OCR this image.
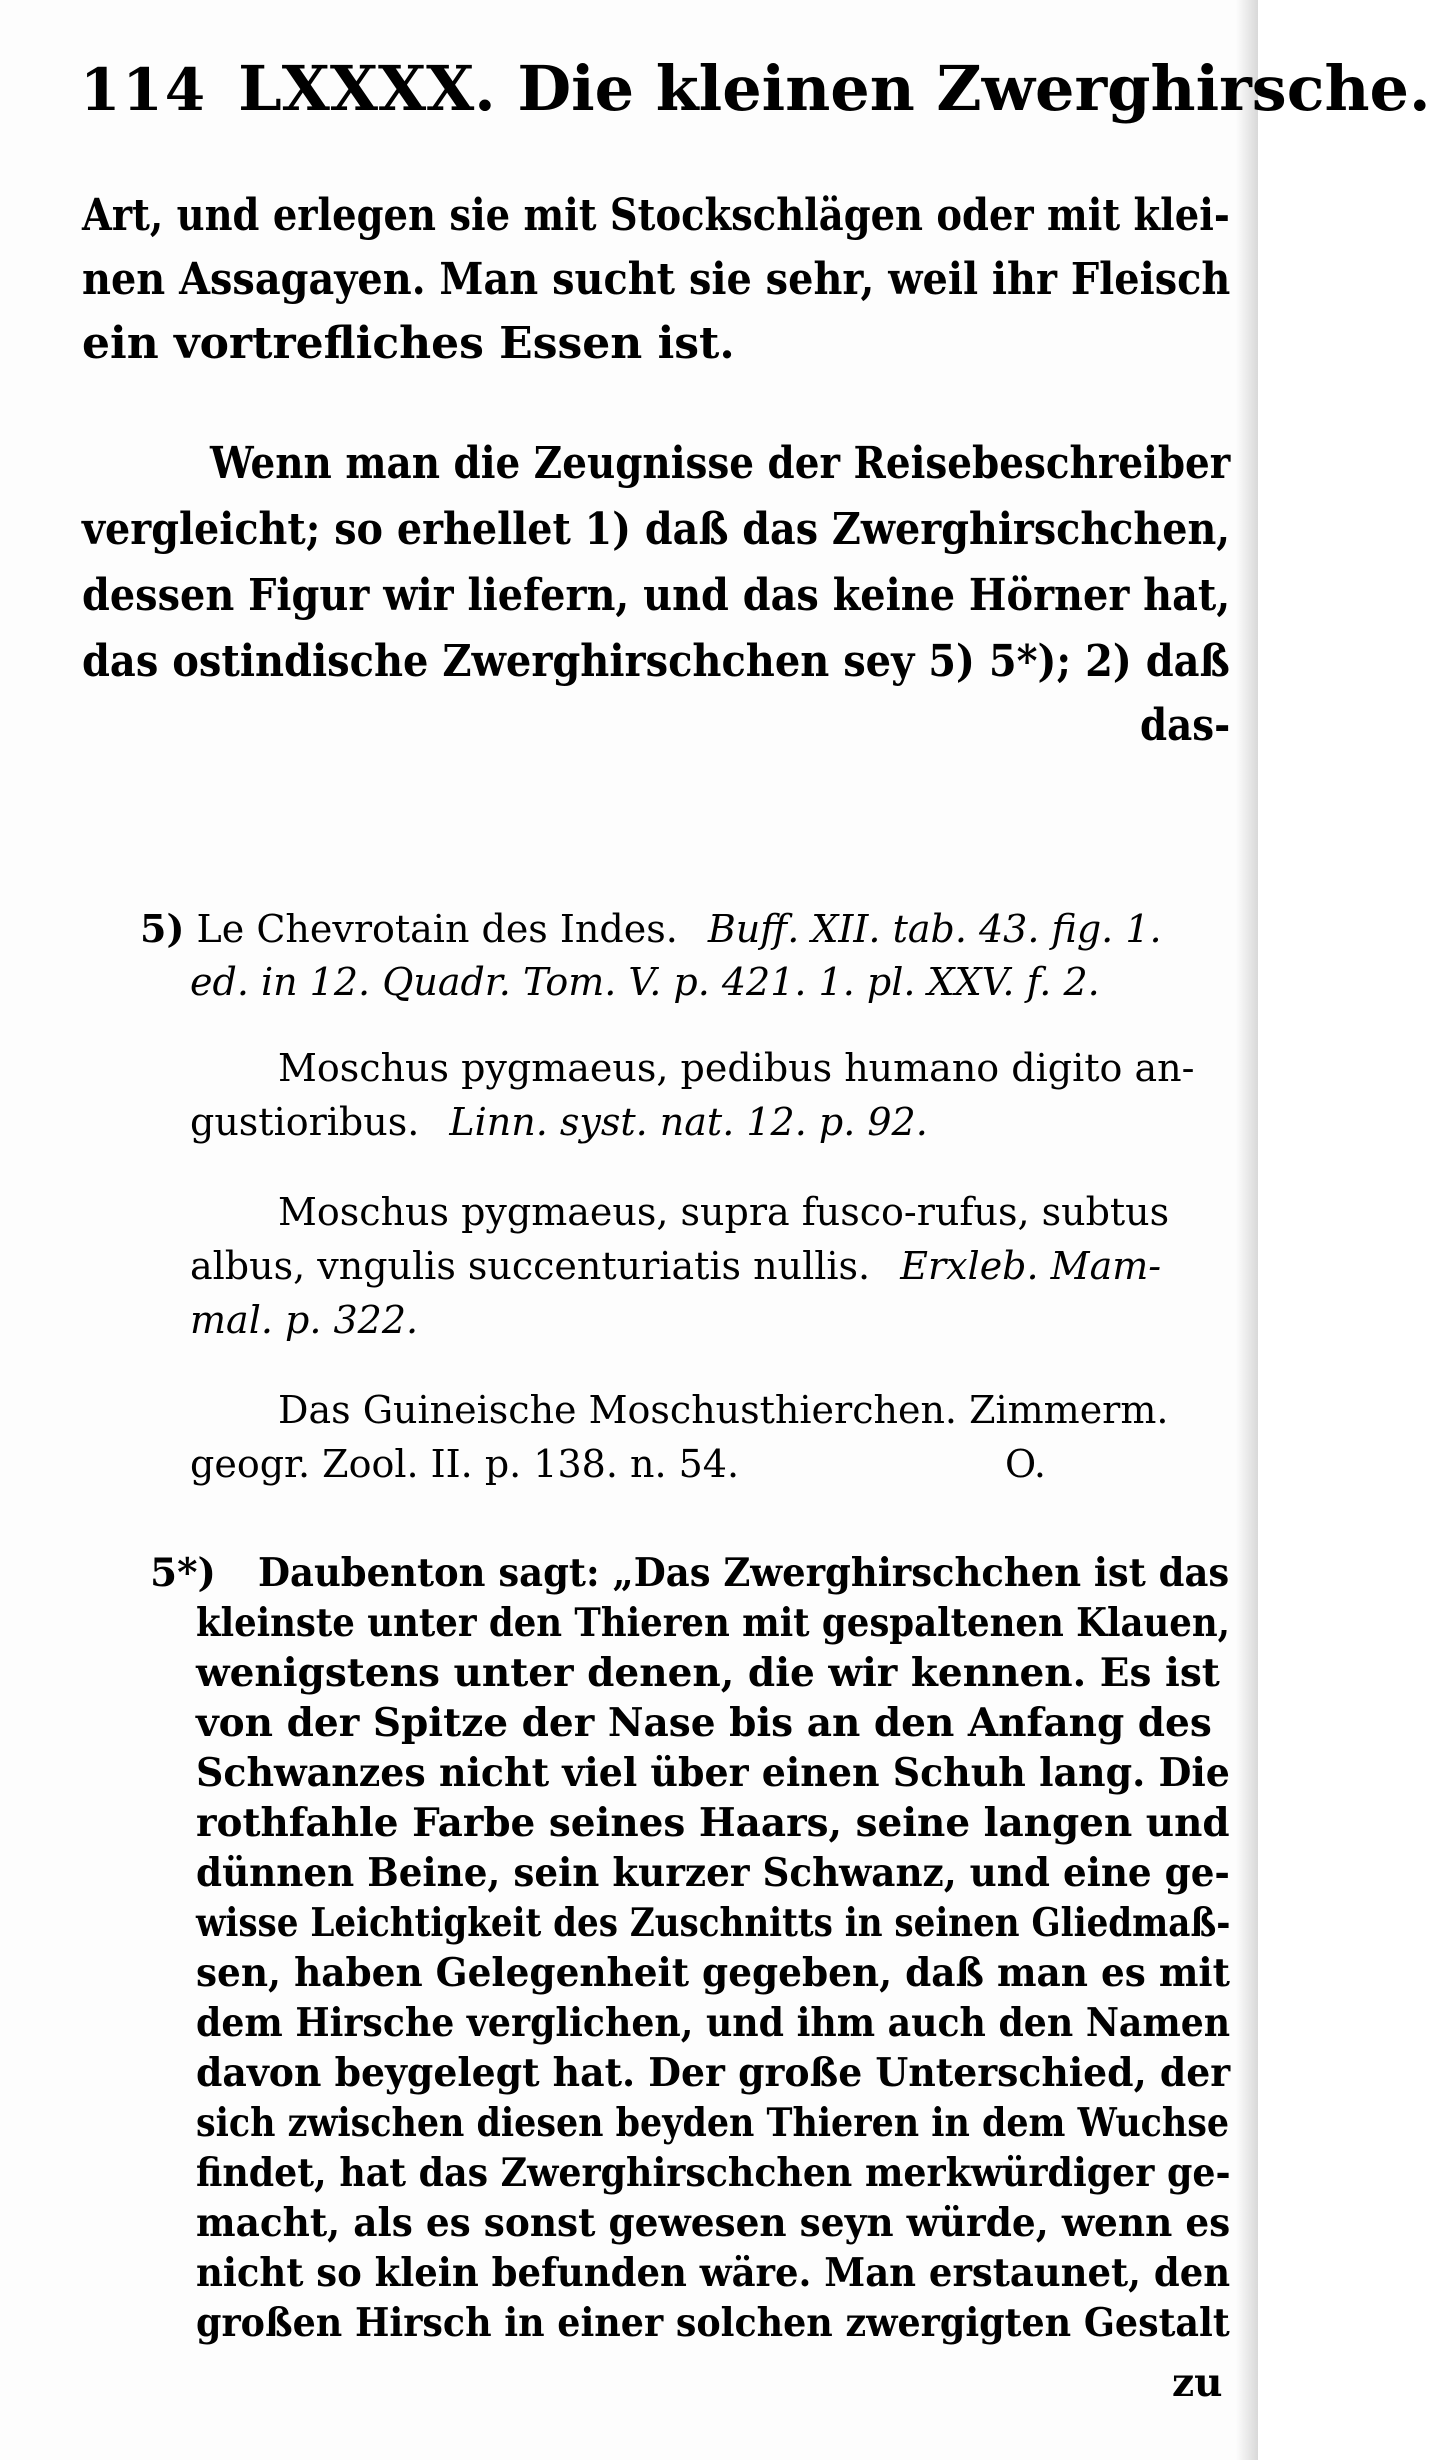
114 LXXXX. Die kleinen Zwerghirsche.
Art, und erlegen sie mit Stockschlägen oder mit klei-
nen Assagayen. Man sucht sie sehr, weil ihr Fleisch
ein vortrefliches Essen ist.
Wenn man die Zeugnisse der Reisebeschreiber
vergleicht; so erhellet 1) daß das Zwerghirschchen,
dessen Figur wir liefern, und das keine Hörner hat,
das ostindische Zwerghirschchen sey 5) 5*); 2) daß
das-
5) Le Chevrotain des Indes. Buff. XII. tab. 43. fig. 1.
ed. in 12. Quadr. Tom. V. p. 421. 1. pl. XXV. f. 2.
Moschus pygmaeus, pedibus humano digito an-
gustioribus. Linn. syst. nat. 12. p. 92.
Moschus pygmaeus, supra fusco-rufus, subtus
albus, vngulis succenturiatis nullis. Erxleb. Mam-
mal. p. 322.
Das Guineische Moschusthierchen. Zimmerm.
geogr. Zool. II. p. 138. n. 54.	O.
5*) Daubenton sagt: „Das Zwerghirschchen ist das
kleinste unter den Thieren mit gespaltenen Klauen,
wenigstens unter denen, die wir kennen. Es ist
von der Spitze der Nase bis an den Anfang des
Schwanzes nicht viel über einen Schuh lang. Die
rothfahle Farbe seines Haars, seine langen und
dünnen Beine, sein kurzer Schwanz, und eine ge-
wisse Leichtigkeit des Zuschnitts in seinen Gliedmaß-
sen, haben Gelegenheit gegeben, daß man es mit
dem Hirsche verglichen, und ihm auch den Namen
davon beygelegt hat. Der große Unterschied, der
sich zwischen diesen beyden Thieren in dem Wuchse
findet, hat das Zwerghirschchen merkwürdiger ge-
macht, als es sonst gewesen seyn würde, wenn es
nicht so klein befunden wäre. Man erstaunet, den
großen Hirsch in einer solchen zwergigten Gestalt
zu
